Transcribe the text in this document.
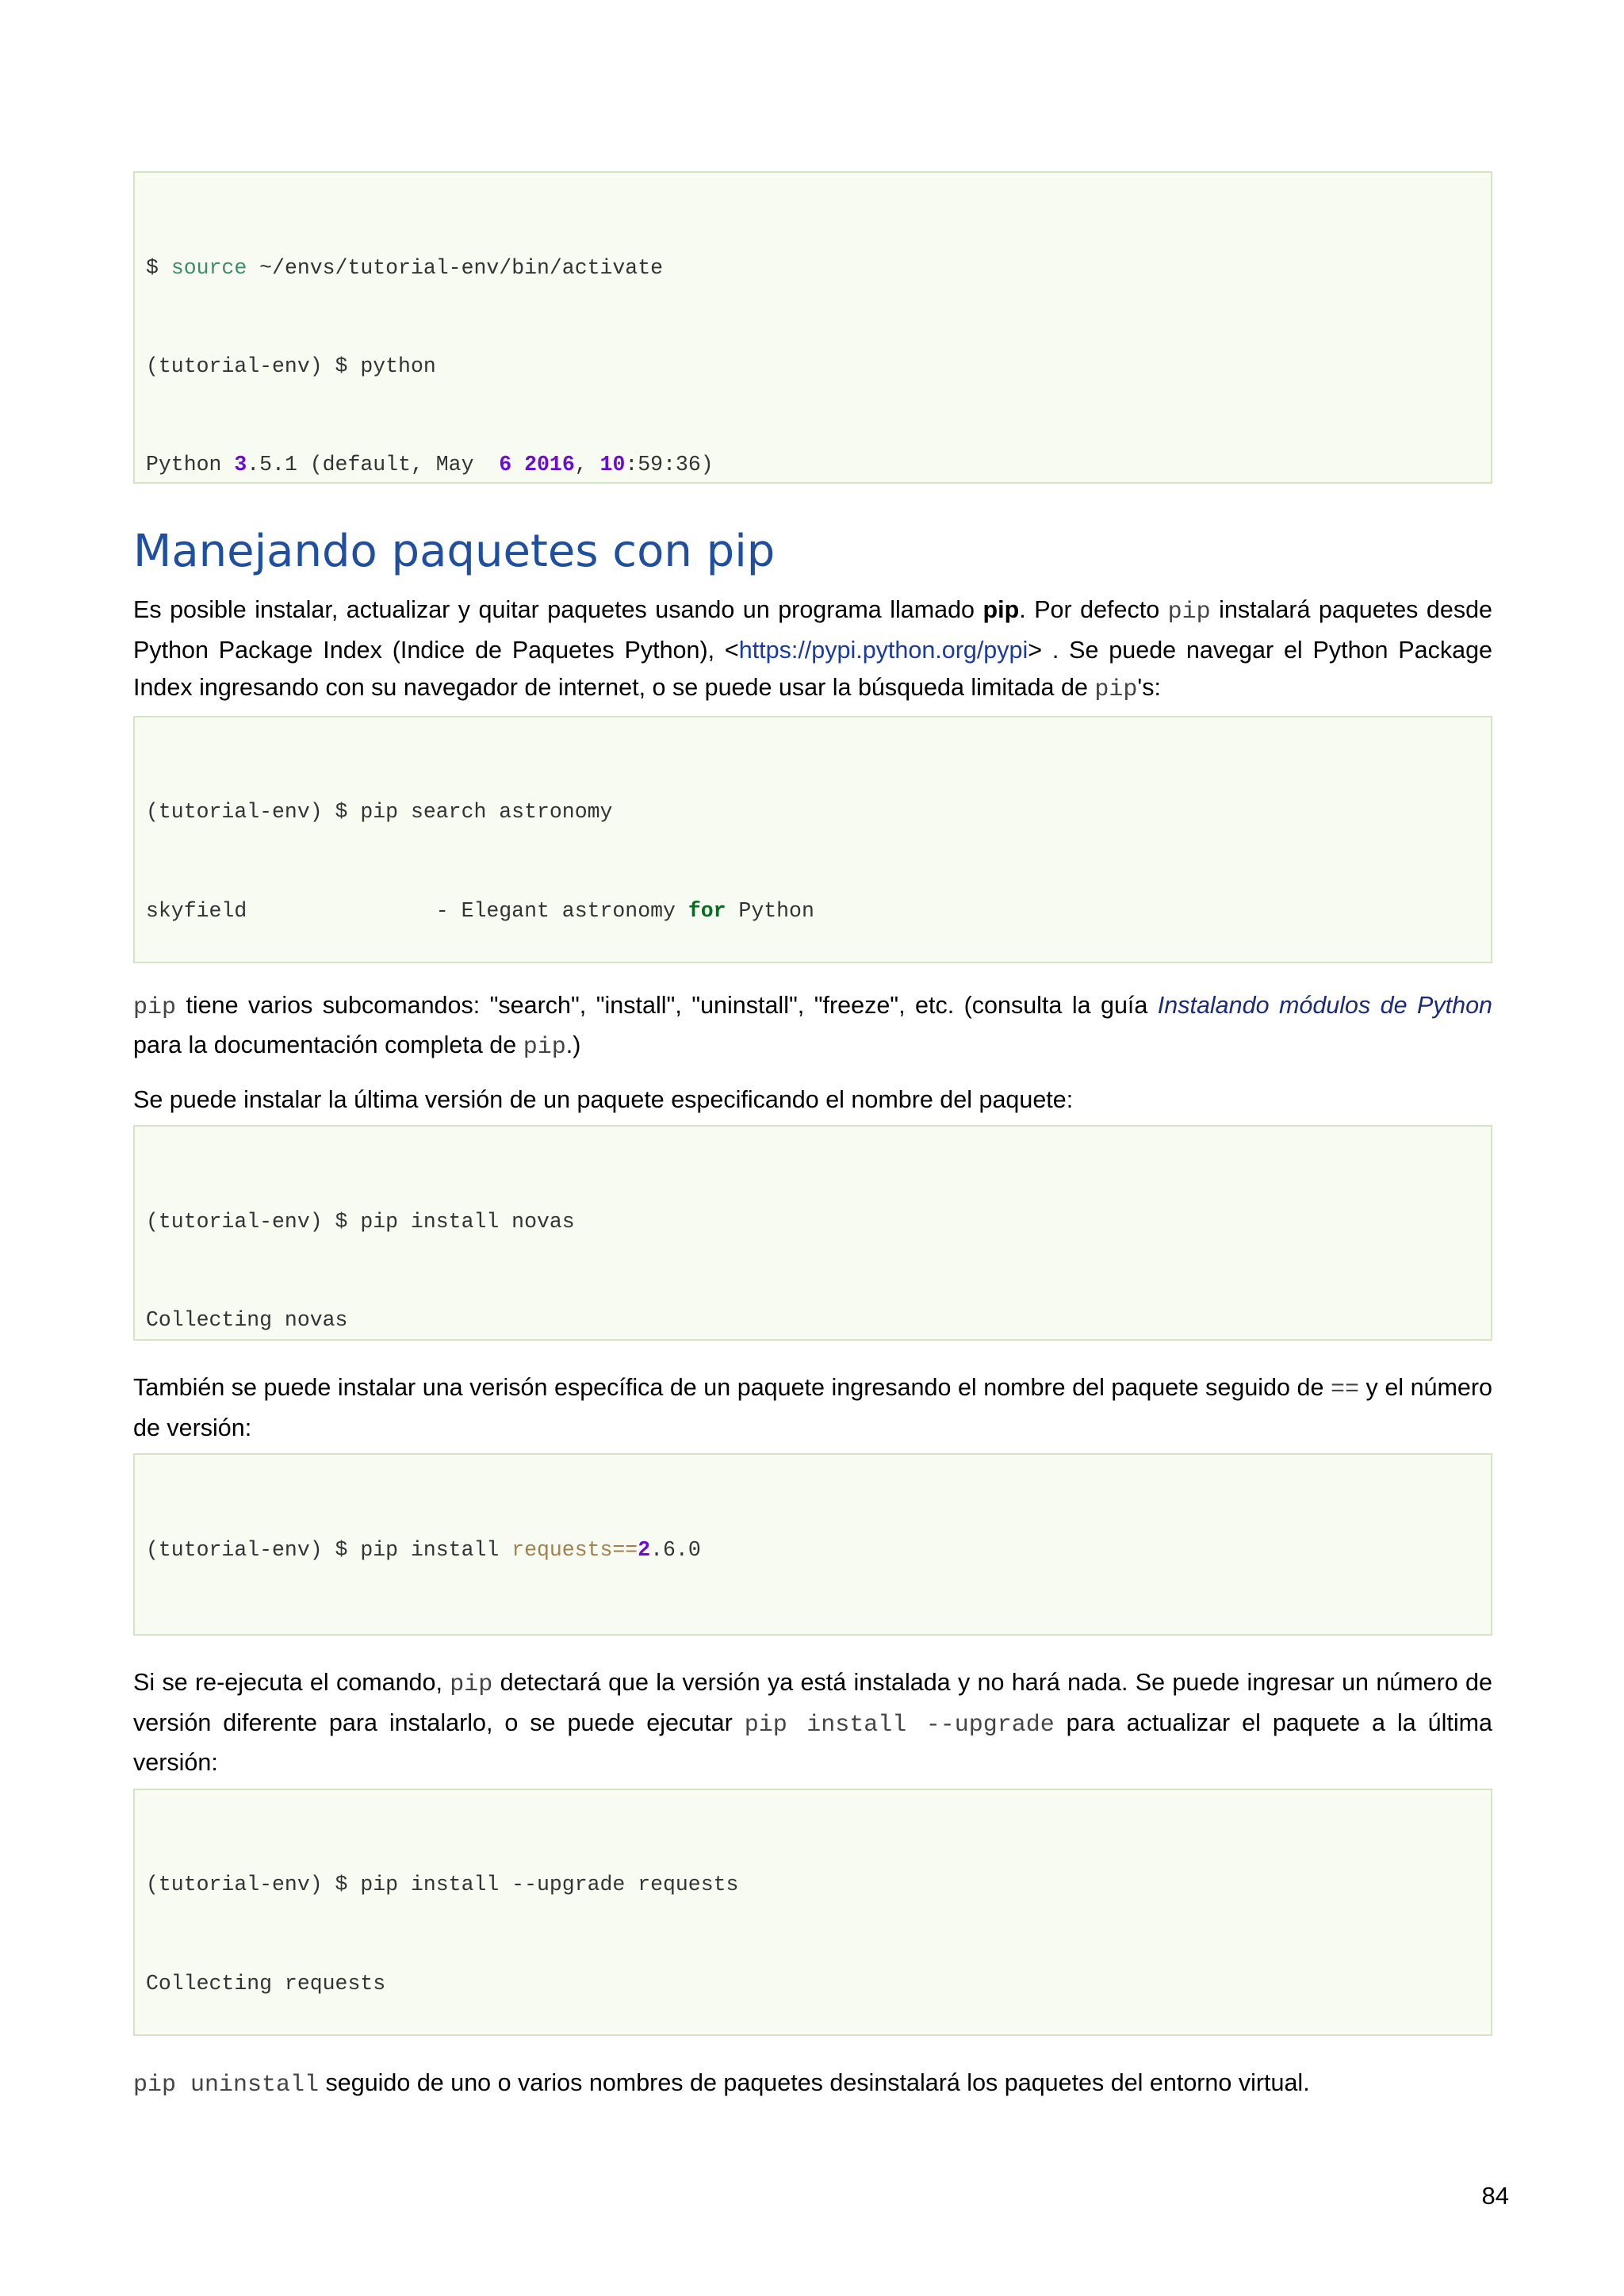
$ source ~/envs/tutorial-env/bin/activate

(tutorial-env) $ python

Python 3.5.1 (default, May  6 2016, 10:59:36)

Manejando paquetes con pip

Es posible instalar, actualizar y quitar paquetes usando un programa llamado pip. Por defecto pip instalará paquetes desde Python Package Index (Indice de Paquetes Python), <https://pypi.python.org/pypi> . Se puede navegar el Python Package Index ingresando con su navegador de internet, o se puede usar la búsqueda limitada de pip's:

(tutorial-env) $ pip search astronomy

skyfield               - Elegant astronomy for Python

pip tiene varios subcomandos: "search", "install", "uninstall", "freeze", etc. (consulta la guía Instalando módulos de Python para la documentación completa de pip.)

Se puede instalar la última versión de un paquete especificando el nombre del paquete:

(tutorial-env) $ pip install novas

Collecting novas

También se puede instalar una verisón específica de un paquete ingresando el nombre del paquete seguido de == y el número de versión:

(tutorial-env) $ pip install requests==2.6.0

Si se re-ejecuta el comando, pip detectará que la versión ya está instalada y no hará nada. Se puede ingresar un número de versión diferente para instalarlo, o se puede ejecutar pip install --upgrade para actualizar el paquete a la última versión:

(tutorial-env) $ pip install --upgrade requests

Collecting requests

pip uninstall seguido de uno o varios nombres de paquetes desinstalará los paquetes del entorno virtual.

84
